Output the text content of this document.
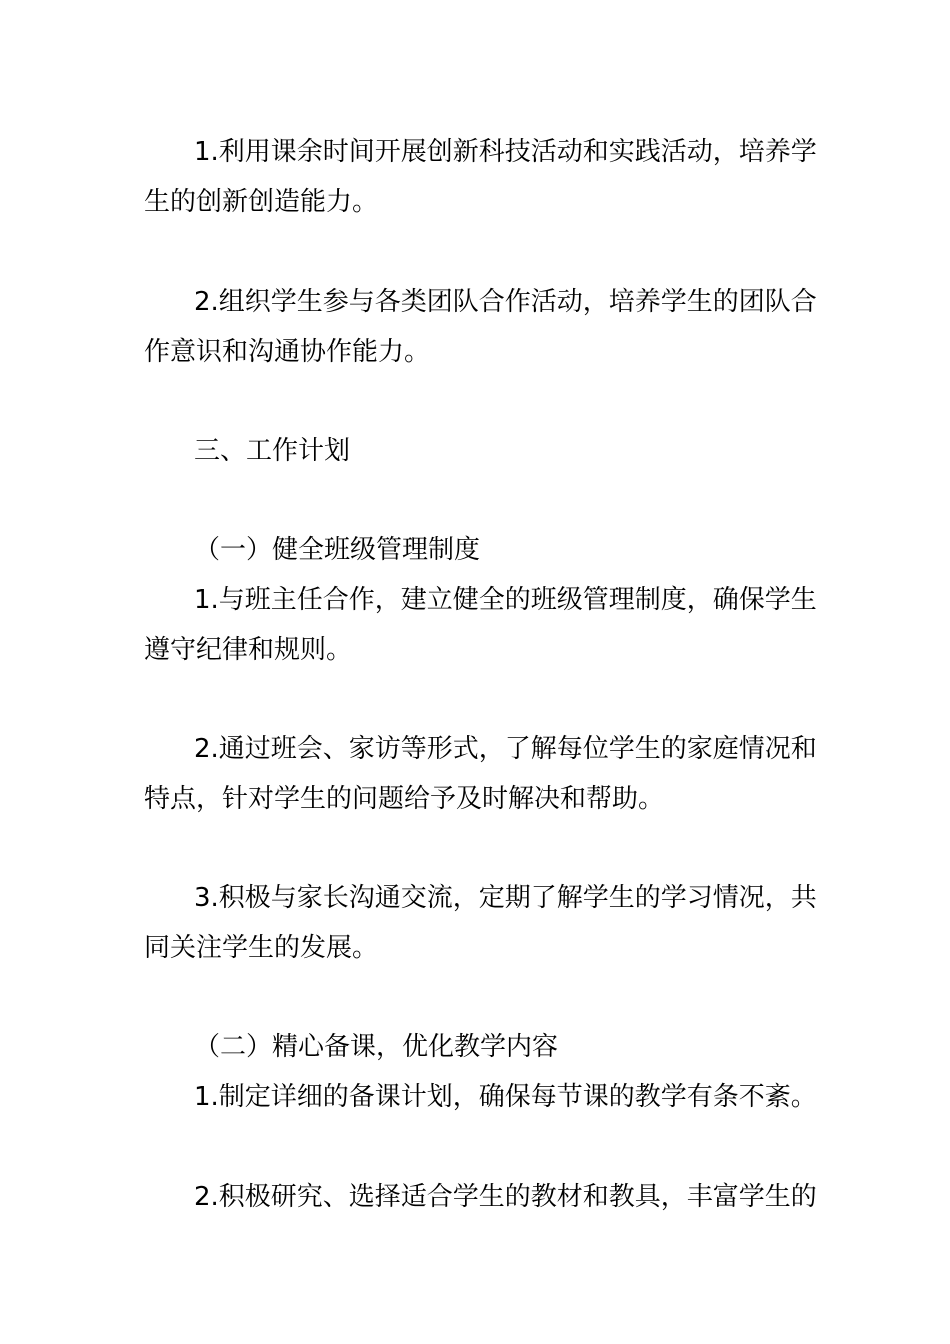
1.利用课余时间开展创新科技活动和实践活动，培养学
生的创新创造能力。
2.组织学生参与各类团队合作活动，培养学生的团队合
作意识和沟通协作能力。
三、工作计划
（一）健全班级管理制度
1.与班主任合作，建立健全的班级管理制度，确保学生
遵守纪律和规则。
2.通过班会、家访等形式，了解每位学生的家庭情况和
特点，针对学生的问题给予及时解决和帮助。
3.积极与家长沟通交流，定期了解学生的学习情况，共
同关注学生的发展。
（二）精心备课，优化教学内容
1.制定详细的备课计划，确保每节课的教学有条不紊。
2.积极研究、选择适合学生的教材和教具，丰富学生的
